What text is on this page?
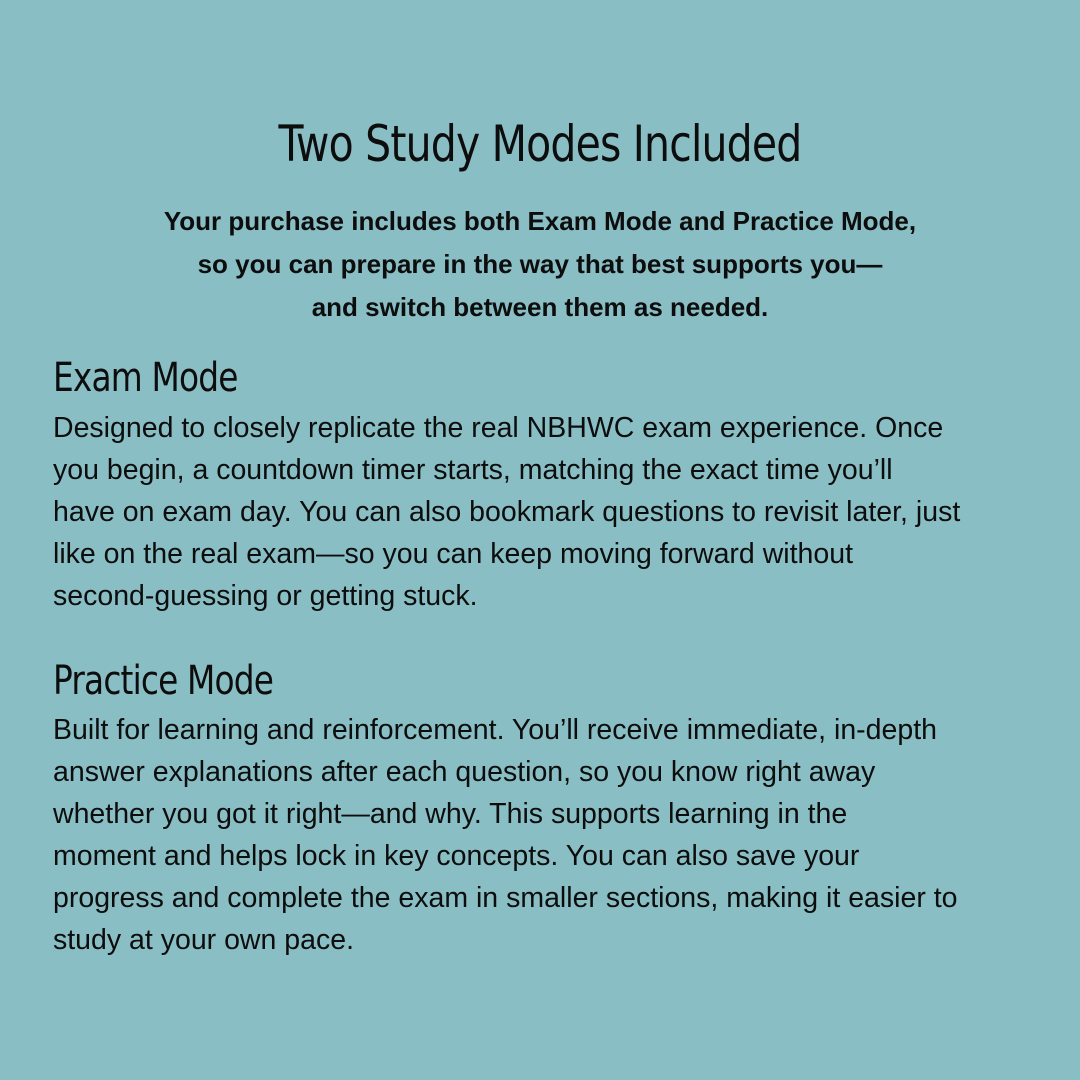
Two Study Modes Included

Your purchase includes both Exam Mode and Practice Mode,
so you can prepare in the way that best supports you—
and switch between them as needed.

Exam Mode

Designed to closely replicate the real NBHWC exam experience. Once
you begin, a countdown timer starts, matching the exact time you’ll
have on exam day. You can also bookmark questions to revisit later, just
like on the real exam—so you can keep moving forward without
second-guessing or getting stuck.

Practice Mode

Built for learning and reinforcement. You’ll receive immediate, in-depth
answer explanations after each question, so you know right away
whether you got it right—and why. This supports learning in the
moment and helps lock in key concepts. You can also save your
progress and complete the exam in smaller sections, making it easier to
study at your own pace.
